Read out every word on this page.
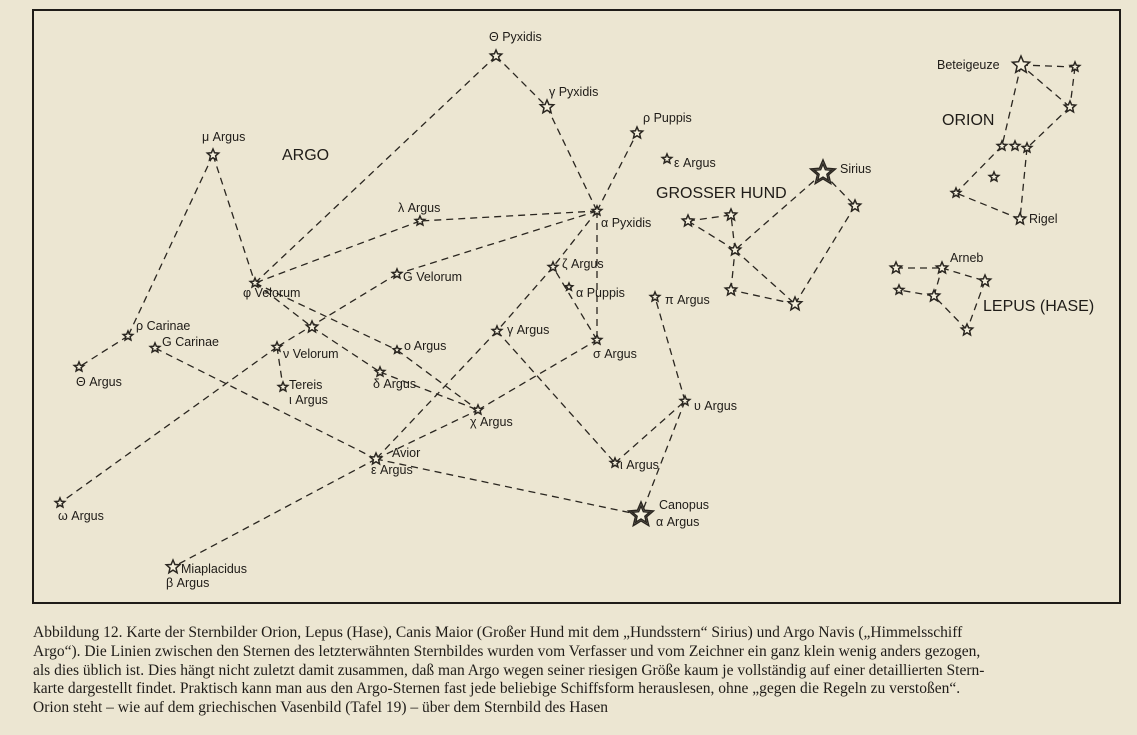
ARGO
GROSSER HUND
ORION
LEPUS (HASE)
Θ Pyxidis
γ Pyxidis
ρ Puppis
ε Argus
μ Argus
λ Argus
α Pyxidis
G Velorum
φ Velorum
ζ Argus
α Puppis	π Argus
ρ Carinae
G Carinae
γ Argus
o Argus
σ Argus
ν Velorum
Θ Argus	Tereis
ι Argus
δ Argus
υ Argus
χ Argus
Avior
ε Argus	ι Argus
ω Argus
Canopus
α Argus
Miaplacidus
β Argus
Sirius
Beteigeuze
Rigel
Arneb
Abbildung 12. Karte der Sternbilder Orion, Lepus (Hase), Canis Maior (Großer Hund mit dem „Hundsstern“ Sirius) und Argo Navis („Himmelsschiff
Argo“). Die Linien zwischen den Sternen des letzterwähnten Sternbildes wurden vom Verfasser und vom Zeichner ein ganz klein wenig anders gezogen,
als dies üblich ist. Dies hängt nicht zuletzt damit zusammen, daß man Argo wegen seiner riesigen Größe kaum je vollständig auf einer detaillierten Stern-
karte dargestellt findet. Praktisch kann man aus den Argo-Sternen fast jede beliebige Schiffsform herauslesen, ohne „gegen die Regeln zu verstoßen“.
Orion steht – wie auf dem griechischen Vasenbild (Tafel 19) – über dem Sternbild des Hasen
